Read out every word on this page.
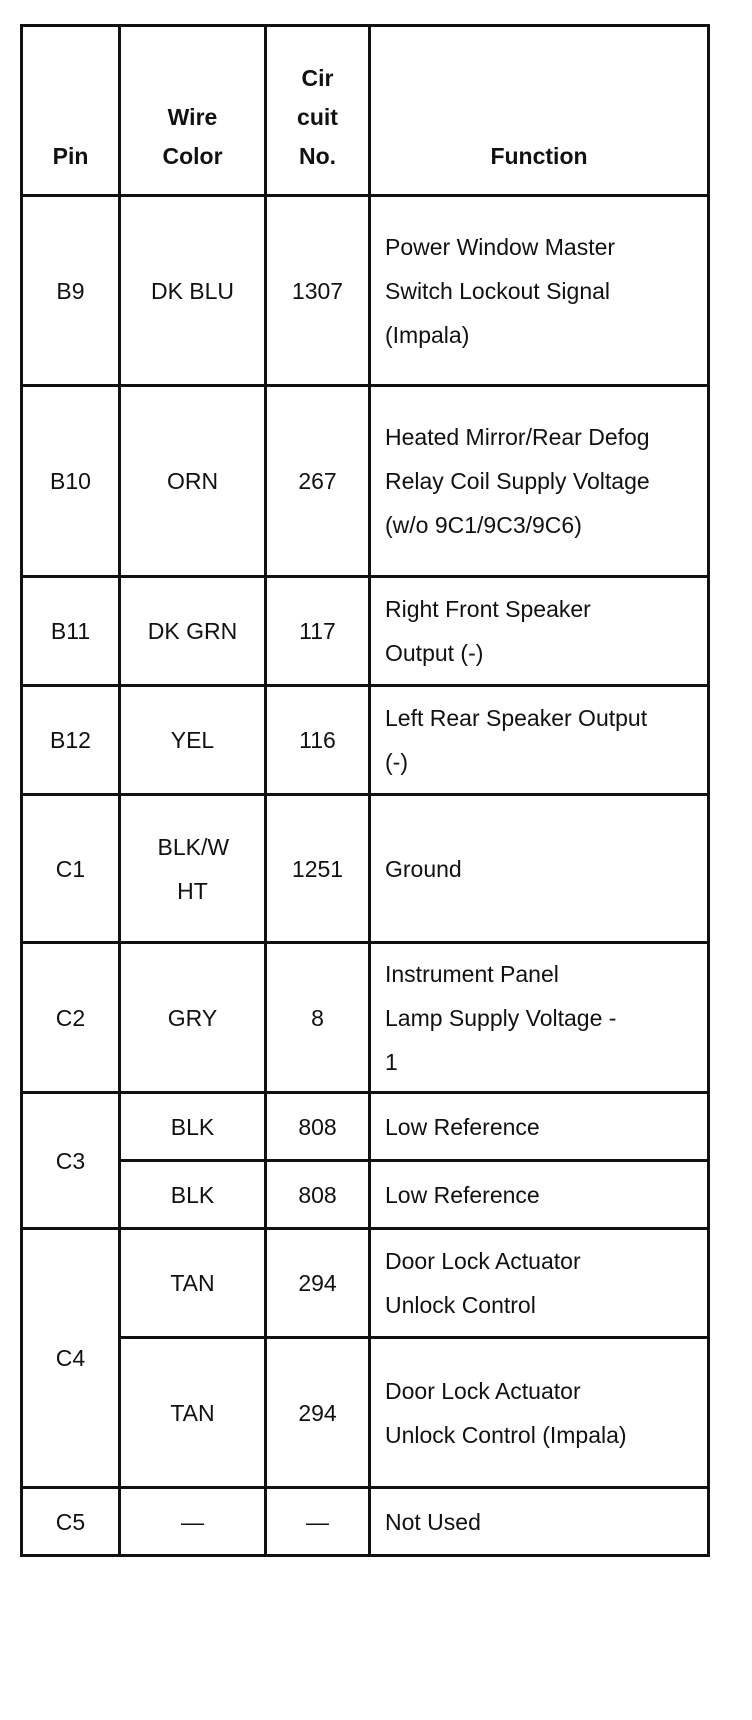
Pin	Wire Color	Cir cuit No.	Function
B9	DK BLU	1307	Power Window Master Switch Lockout Signal (Impala)
B10	ORN	267	Heated Mirror/Rear Defog Relay Coil Supply Voltage (w/o 9C1/9C3/9C6)
B11	DK GRN	117	Right Front Speaker Output (-)
B12	YEL	116	Left Rear Speaker Output (-)
C1	BLK/W HT	1251	Ground
C2	GRY	8	Instrument Panel Lamp Supply Voltage - 1
C3	BLK	808	Low Reference
	BLK	808	Low Reference
C4	TAN	294	Door Lock Actuator Unlock Control
	TAN	294	Door Lock Actuator Unlock Control (Impala)
C5	—	—	Not Used
